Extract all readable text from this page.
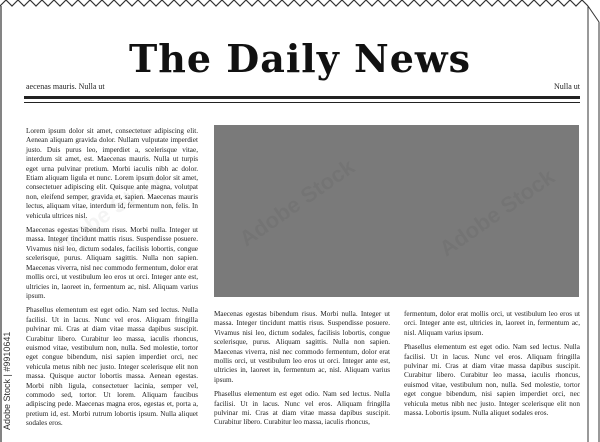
The Daily News
aecenas mauris. Nulla ut	Nulla ut

Lorem ipsum dolor sit amet, consectetuer adipiscing elit. Aenean aliquam gravida dolor. Nullam vulputate imperdiet justo. Duis purus leo, imperdiet a, scelerisque vitae, interdum sit amet, est. Maecenas mauris. Nulla ut turpis eget urna pulvinar pretium. Morbi iaculis nibh ac dolor. Etiam aliquam ligula et nunc. Lorem ipsum dolor sit amet, consectetuer adipiscing elit. Quisque ante magna, volutpat non, eleifend semper, gravida et, sapien. Maecenas mauris lectus, aliquam vitae, interdum id, fermentum non, felis. In vehicula ultrices nisl.

Maecenas egestas bibendum risus. Morbi nulla. Integer ut massa. Integer tincidunt mattis risus. Suspendisse posuere. Vivamus nisi leo, dictum sodales, facilisis lobortis, congue scelerisque, purus. Aliquam sagittis. Nulla non sapien. Maecenas viverra, nisl nec commodo fermentum, dolor erat mollis orci, ut vestibulum leo eros ut orci. Integer ante est, ultricies in, laoreet in, fermentum ac, nisl. Aliquam varius ipsum.

Phasellus elementum est eget odio. Nam sed lectus. Nulla facilisi. Ut in lacus. Nunc vel eros. Aliquam fringilla pulvinar mi. Cras at diam vitae massa dapibus suscipit. Curabitur libero. Curabitur leo massa, iaculis rhoncus, euismod vitae, vestibulum non, nulla. Sed molestie, tortor eget congue bibendum, nisi sapien imperdiet orci, nec vehicula metus nibh nec justo. Integer scelerisque elit non massa. Quisque auctor lobortis massa. Aenean egestas. Morbi nibh ligula, consectetuer lacinia, semper vel, commodo sed, tortor. Ut lorem. Aliquam faucibus adipiscing pede. Maecenas magna eros, egestas et, porta a, pretium id, est. Morbi rutrum lobortis ipsum. Nulla aliquet sodales eros.

Maecenas egestas bibendum risus. Morbi nulla. Integer ut massa. Integer tincidunt mattis risus. Suspendisse posuere. Vivamus nisi leo, dictum sodales, facilisis lobortis, congue scelerisque, purus. Aliquam sagittis. Nulla non sapien. Maecenas viverra, nisl nec commodo fermentum, dolor erat mollis orci, ut vestibulum leo eros ut orci. Integer ante est, ultricies in, laoreet in, fermentum ac, nisl. Aliquam varius ipsum.

Phasellus elementum est eget odio. Nam sed lectus. Nulla facilisi. Ut in lacus. Nunc vel eros. Aliquam fringilla pulvinar mi. Cras at diam vitae massa dapibus suscipit. Curabitur libero. Curabitur leo massa, iaculis rhoncus,

fermentum, dolor erat mollis orci, ut vestibulum leo eros ut orci. Integer ante est, ultricies in, laoreet in, fermentum ac, nisl. Aliquam varius ipsum.

Phasellus elementum est eget odio. Nam sed lectus. Nulla facilisi. Ut in lacus. Nunc vel eros. Aliquam fringilla pulvinar mi. Cras at diam vitae massa dapibus suscipit. Curabitur libero. Curabitur leo massa, iaculis rhoncus, euismod vitae, vestibulum non, nulla. Sed molestie, tortor eget congue bibendum, nisi sapien imperdiet orci, nec vehicula metus nibh nec justo. Integer scelerisque elit non massa. Lobortis ipsum. Nulla aliquet sodales eros.

Adobe Stock | #9910641
